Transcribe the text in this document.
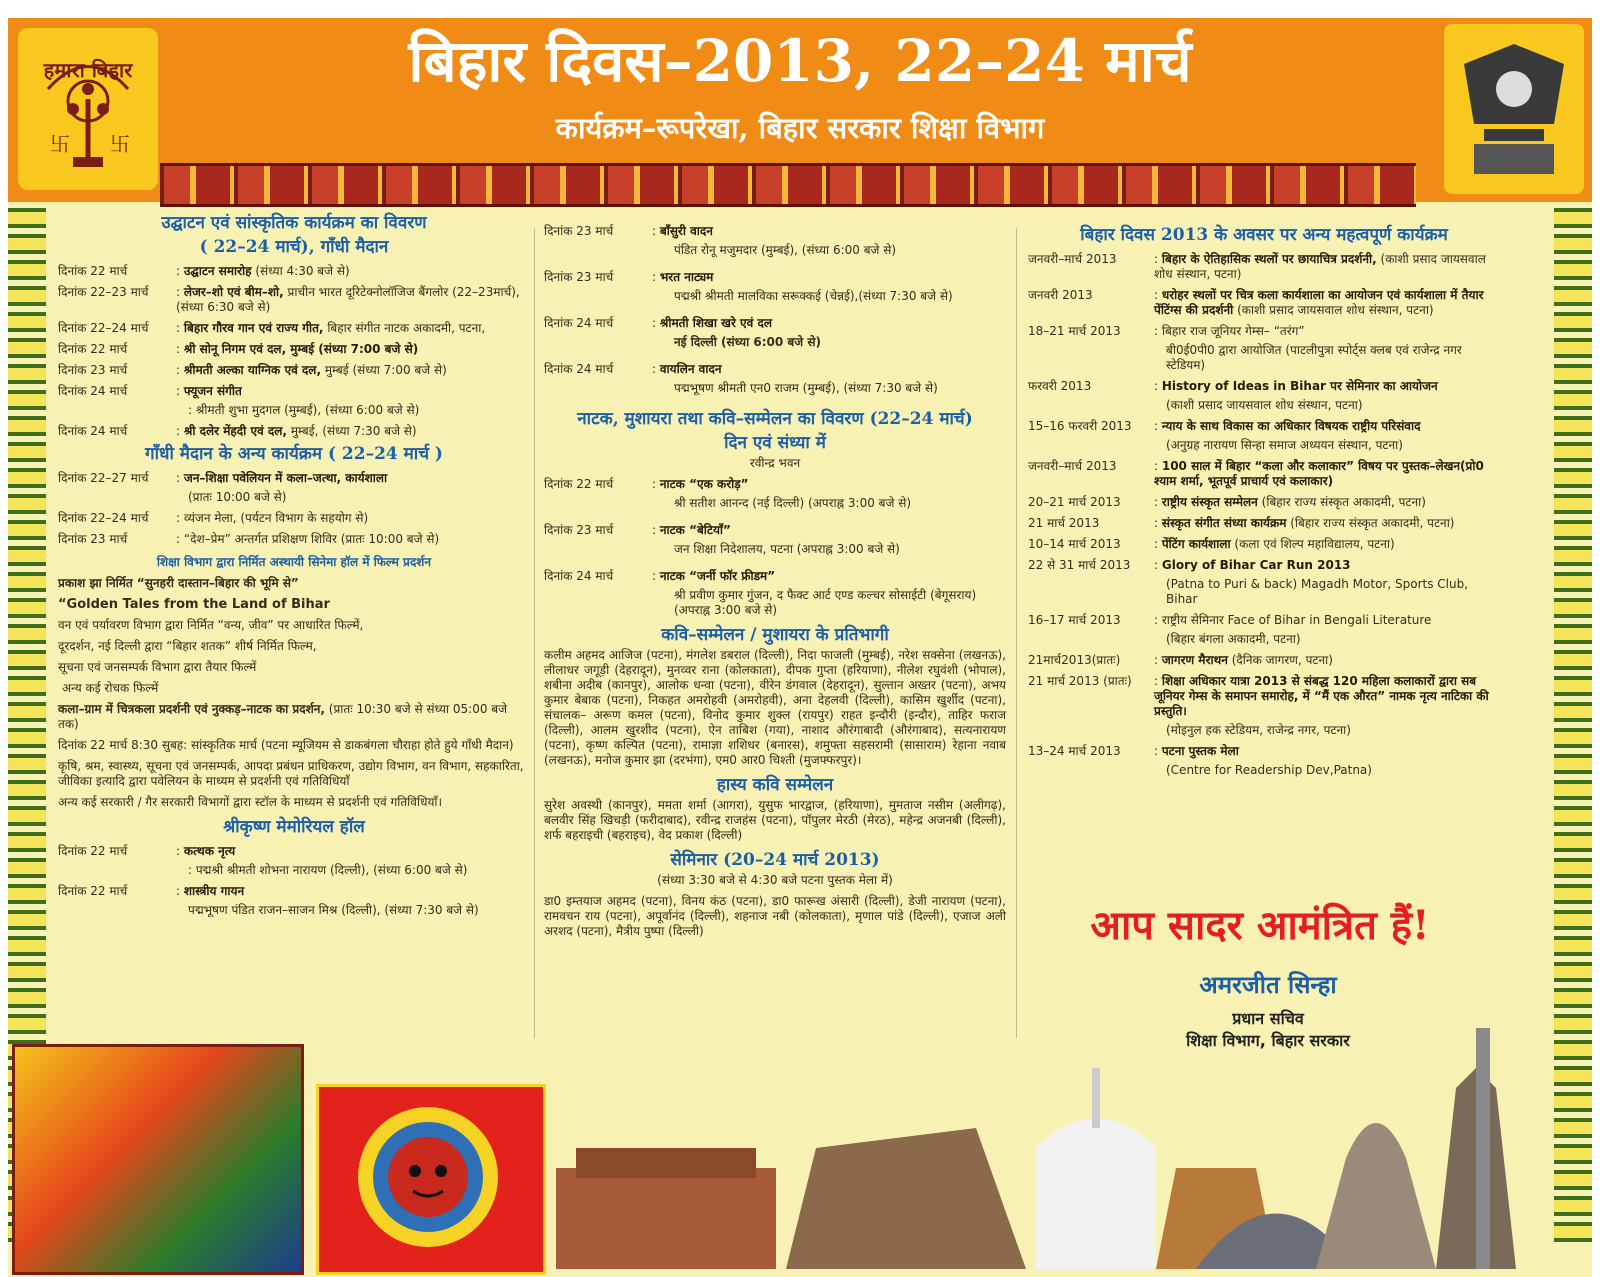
हमारा बिहार
卐 卐
बिहार दिवस–2013, 22–24 मार्च
कार्यक्रम–रूपरेखा, बिहार सरकार शिक्षा विभाग
उद्घाटन एवं सांस्कृतिक कार्यक्रम का विवरण
( 22–24 मार्च), गाँधी मैदान
दिनांक 22 मार्च	: उद्घाटन समारोह (संध्या 4:30 बजे से)
दिनांक 22–23 मार्च	: लेजर–शो एवं बीम–शो, प्राचीन भारत दूरिटेक्नोलॉजिज बैंगलोर (22–23मार्च), (संध्या 6:30 बजे से)
दिनांक 22–24 मार्च	: बिहार गौरव गान एवं राज्य गीत, बिहार संगीत नाटक अकादमी, पटना,
दिनांक 22 मार्च	: श्री सोनू निगम एवं दल, मुम्बई (संध्या 7:00 बजे से)
दिनांक 23 मार्च	: श्रीमती अल्का याग्निक एवं दल, मुम्बई (संध्या 7:00 बजे से)
दिनांक 24 मार्च	: फ्यूजन संगीत
: श्रीमती शुभा मुदगल (मुम्बई), (संध्या 6:00 बजे से)
दिनांक 24 मार्च	: श्री दलेर मेंहदी एवं दल, मुम्बई, (संध्या 7:30 बजे से)
गाँधी मैदान के अन्य कार्यक्रम ( 22–24 मार्च )
दिनांक 22–27 मार्च	: जन–शिक्षा पवेलियन में कला–जत्था, कार्यशाला
(प्रातः 10:00 बजे से)
दिनांक 22–24 मार्च	: व्यंजन मेला, (पर्यटन विभाग के सहयोग से)
दिनांक 23 मार्च	: “देश–प्रेम” अन्तर्गत प्रशिक्षण शिविर (प्रातः 10:00 बजे से)
शिक्षा विभाग द्वारा निर्मित अस्थायी सिनेमा हॉल में फिल्म प्रदर्शन
प्रकाश झा निर्मित “सुनहरी दास्तान–बिहार की भूमि से”
“Golden Tales from the Land of Bihar
वन एवं पर्यावरण विभाग द्वारा निर्मित “वन्य, जीव” पर आधारित फिल्में,
दूरदर्शन, नई दिल्ली द्वारा “बिहार शतक” शीर्ष निर्मित फिल्म,
सूचना एवं जनसम्पर्क विभाग द्वारा तैयार फिल्में
अन्य कई रोचक फिल्में
कला–ग्राम में चित्रकला प्रदर्शनी एवं नुक्कड़–नाटक का प्रदर्शन, (प्रातः 10:30 बजे से संध्या 05:00 बजे तक)
दिनांक 22 मार्च 8:30 सुबह: सांस्कृतिक मार्च (पटना म्यूजियम से डाकबंगला चौराहा होते हुये गाँधी मैदान)
कृषि, श्रम, स्वास्थ्य, सूचना एवं जनसम्पर्क, आपदा प्रबंधन प्राधिकरण, उद्योग विभाग, वन विभाग, सहकारिता, जीविका इत्यादि द्वारा पवेलियन के माध्यम से प्रदर्शनी एवं गतिविधियाँ
अन्य कई सरकारी / गैर सरकारी विभागों द्वारा स्टॉल के माध्यम से प्रदर्शनी एवं गतिविधियाँ।
श्रीकृष्ण मेमोरियल हॉल
दिनांक 22 मार्च	: कत्थक नृत्य
: पद्मश्री श्रीमती शोभना नारायण (दिल्ली), (संध्या 6:00 बजे से)
दिनांक 22 मार्च	: शास्त्रीय गायन
पद्मभूषण पंडित राजन–साजन मिश्र (दिल्ली), (संध्या 7:30 बजे से)
दिनांक 23 मार्च	: बाँसुरी वादन
पंडित रोनू मजुमदार (मुम्बई), (संध्या 6:00 बजे से)
दिनांक 23 मार्च	: भरत नाट्यम
पद्मश्री श्रीमती मालविका सरूक्कई (चेन्नई),(संध्या 7:30 बजे से)
दिनांक 24 मार्च	: श्रीमती शिखा खरे एवं दल
नई दिल्ली (संध्या 6:00 बजे से)
दिनांक 24 मार्च	: वायलिन वादन
पद्मभूषण श्रीमती एन0 राजम (मुम्बई), (संध्या 7:30 बजे से)
नाटक, मुशायरा तथा कवि–सम्मेलन का विवरण (22–24 मार्च)
दिन एवं संध्या में
रवीन्द्र भवन
दिनांक 22 मार्च	: नाटक “एक करोड़”
श्री सतीश आनन्द (नई दिल्ली) (अपराह्न 3:00 बजे से)
दिनांक 23 मार्च	: नाटक “बेटियाँ”
जन शिक्षा निदेशालय, पटना (अपराह्न 3:00 बजे से)
दिनांक 24 मार्च	: नाटक “जर्नी फॉर फ्रीडम”
श्री प्रवीण कुमार गुंजन, द फैक्ट आर्ट एण्ड कल्चर सोसाईटी (बेगूसराय) (अपराह्न 3:00 बजे से)
कवि–सम्मेलन / मुशायरा के प्रतिभागी
कलीम अहमद आजिज (पटना), मंगलेश डबराल (दिल्ली), निदा फाजली (मुम्बई), नरेश सक्सेना (लखनऊ), लीलाधर जगूड़ी (देहरादून), मुनव्वर राना (कोलकाता), दीपक गुप्ता (हरियाणा), नीलेश रघुवंशी (भोपाल), शबीना अदीब (कानपुर), आलोक धन्वा (पटना), वीरेन डंगवाल (देहरादून), सुल्तान अख्तर (पटना), अभय कुमार बेबाक (पटना), निकहत अमरोहवी (अमरोहवी), अना देहलवी (दिल्ली), कासिम खुर्शीद (पटना), संचालक– अरूण कमल (पटना), विनोद कुमार शुक्ल (रायपुर) राहत इन्दौरी (इन्दौर), ताहिर फराज (दिल्ली), आलम खुरशीद (पटना), ऐन ताबिश (गया), नाशाद औरंगाबादी (औरंगाबाद), सत्यनारायण (पटना), कृष्ण कल्पित (पटना), रामाज्ञा शशिधर (बनारस), शमुफ्ता सहसरामी (सासाराम) रेहाना नवाब (लखनऊ), मनोज कुमार झा (दरभंगा), एम0 आर0 चिश्ती (मुजफ्फरपुर)।
हास्य कवि सम्मेलन
सुरेश अवस्थी (कानपुर), ममता शर्मा (आगरा), युसुफ भारद्वाज, (हरियाणा), मुमताज नसीम (अलीगढ़), बलवीर सिंह खिचड़ी (फरीदाबाद), रवीन्द्र राजहंस (पटना), पॉपुलर मेरठी (मेरठ), महेन्द्र अजनबी (दिल्ली), शर्फ बहराइची (बहराइच), वेद प्रकाश (दिल्ली)
सेमिनार (20–24 मार्च 2013)
(संध्या 3:30 बजे से 4:30 बजे पटना पुस्तक मेला में)
डा0 इम्तयाज अहमद (पटना), विनय कंठ (पटना), डा0 फारूख अंसारी (दिल्ली), डेजी नारायण (पटना), रामवचन राय (पटना), अपूर्वानंद (दिल्ली), शहनाज नबी (कोलकाता), मृणाल पांडे (दिल्ली), एजाज अली अरशद (पटना), मैत्रीय पुष्पा (दिल्ली)
बिहार दिवस 2013 के अवसर पर अन्य महत्वपूर्ण कार्यक्रम
जनवरी–मार्च 2013	: बिहार के ऐतिहासिक स्थलों पर छायाचित्र प्रदर्शनी, (काशी प्रसाद जायसवाल शोध संस्थान, पटना)
जनवरी 2013	: धरोहर स्थलों पर चित्र कला कार्यशाला का आयोजन एवं कार्यशाला में तैयार पेंटिंग्स की प्रदर्शनी (काशी प्रसाद जायसवाल शोध संस्थान, पटना)
18–21 मार्च 2013	: बिहार राज जूनियर गेम्स– “तरंग”
बी0ई0पी0 द्वारा आयोजित (पाटलीपुत्रा स्पोर्ट्स क्लब एवं राजेन्द्र नगर स्टेडियम)
फरवरी 2013	: History of Ideas in Bihar पर सेमिनार का आयोजन
(काशी प्रसाद जायसवाल शोध संस्थान, पटना)
15–16 फरवरी 2013	: न्याय के साथ विकास का अधिकार विषयक राष्ट्रीय परिसंवाद
(अनुग्रह नारायण सिन्हा समाज अध्ययन संस्थान, पटना)
जनवरी–मार्च 2013	: 100 साल में बिहार “कला और कलाकार” विषय पर पुस्तक–लेखन(प्रो0 श्याम शर्मा, भूतपूर्व प्राचार्य एवं कलाकार)
20–21 मार्च 2013	: राष्ट्रीय संस्कृत सम्मेलन (बिहार राज्य संस्कृत अकादमी, पटना)
21 मार्च 2013	: संस्कृत संगीत संध्या कार्यक्रम (बिहार राज्य संस्कृत अकादमी, पटना)
10–14 मार्च 2013	: पेंटिंग कार्यशाला (कला एवं शिल्प महाविद्यालय, पटना)
22 से 31 मार्च 2013	: Glory of Bihar Car Run 2013
(Patna to Puri & back) Magadh Motor, Sports Club, Bihar
16–17 मार्च 2013	: राष्ट्रीय सेमिनार Face of Bihar in Bengali Literature
(बिहार बंगला अकादमी, पटना)
21मार्च2013(प्रातः)	: जागरण मैराथन (दैनिक जागरण, पटना)
21 मार्च 2013 (प्रातः)	: शिक्षा अधिकार यात्रा 2013 से संबद्ध 120 महिला कलाकारों द्वारा सब जूनियर गेम्स के समापन समारोह, में “मैं एक औरत” नामक नृत्य नाटिका की प्रस्तुति।
(मोइनुल हक स्टेडियम, राजेन्द्र नगर, पटना)
13–24 मार्च 2013	: पटना पुस्तक मेला
(Centre for Readership Dev,Patna)
आप सादर आमंत्रित हैं!
अमरजीत सिन्हा
प्रधान सचिव
शिक्षा विभाग, बिहार सरकार
